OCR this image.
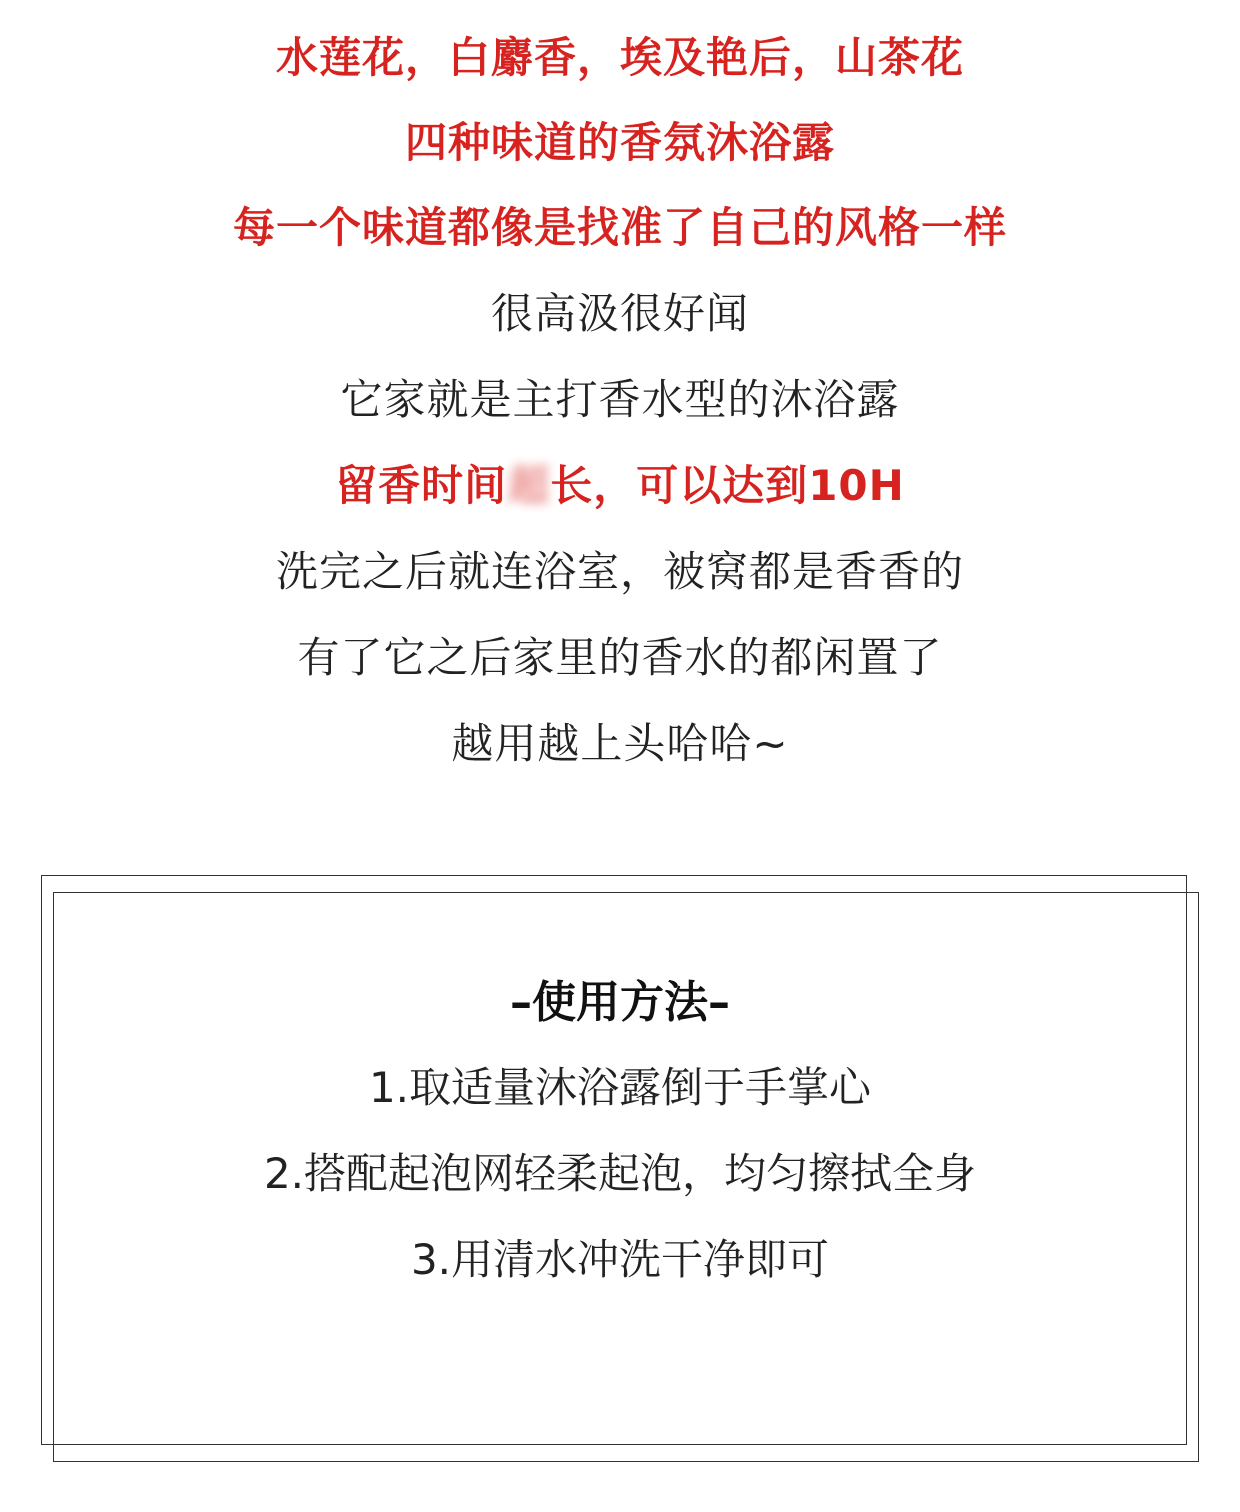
水莲花，白麝香，埃及艳后，山茶花
四种味道的香氛沐浴露
每一个味道都像是找准了自己的风格一样
很高汲很好闻
它家就是主打香水型的沐浴露
留香时间超长，可以达到10H
洗完之后就连浴室，被窝都是香香的
有了它之后家里的香水的都闲置了
越用越上头哈哈~
–使用方法–
1.取适量沐浴露倒于手掌心
2.搭配起泡网轻柔起泡，均匀擦拭全身
3.用清水冲洗干净即可
